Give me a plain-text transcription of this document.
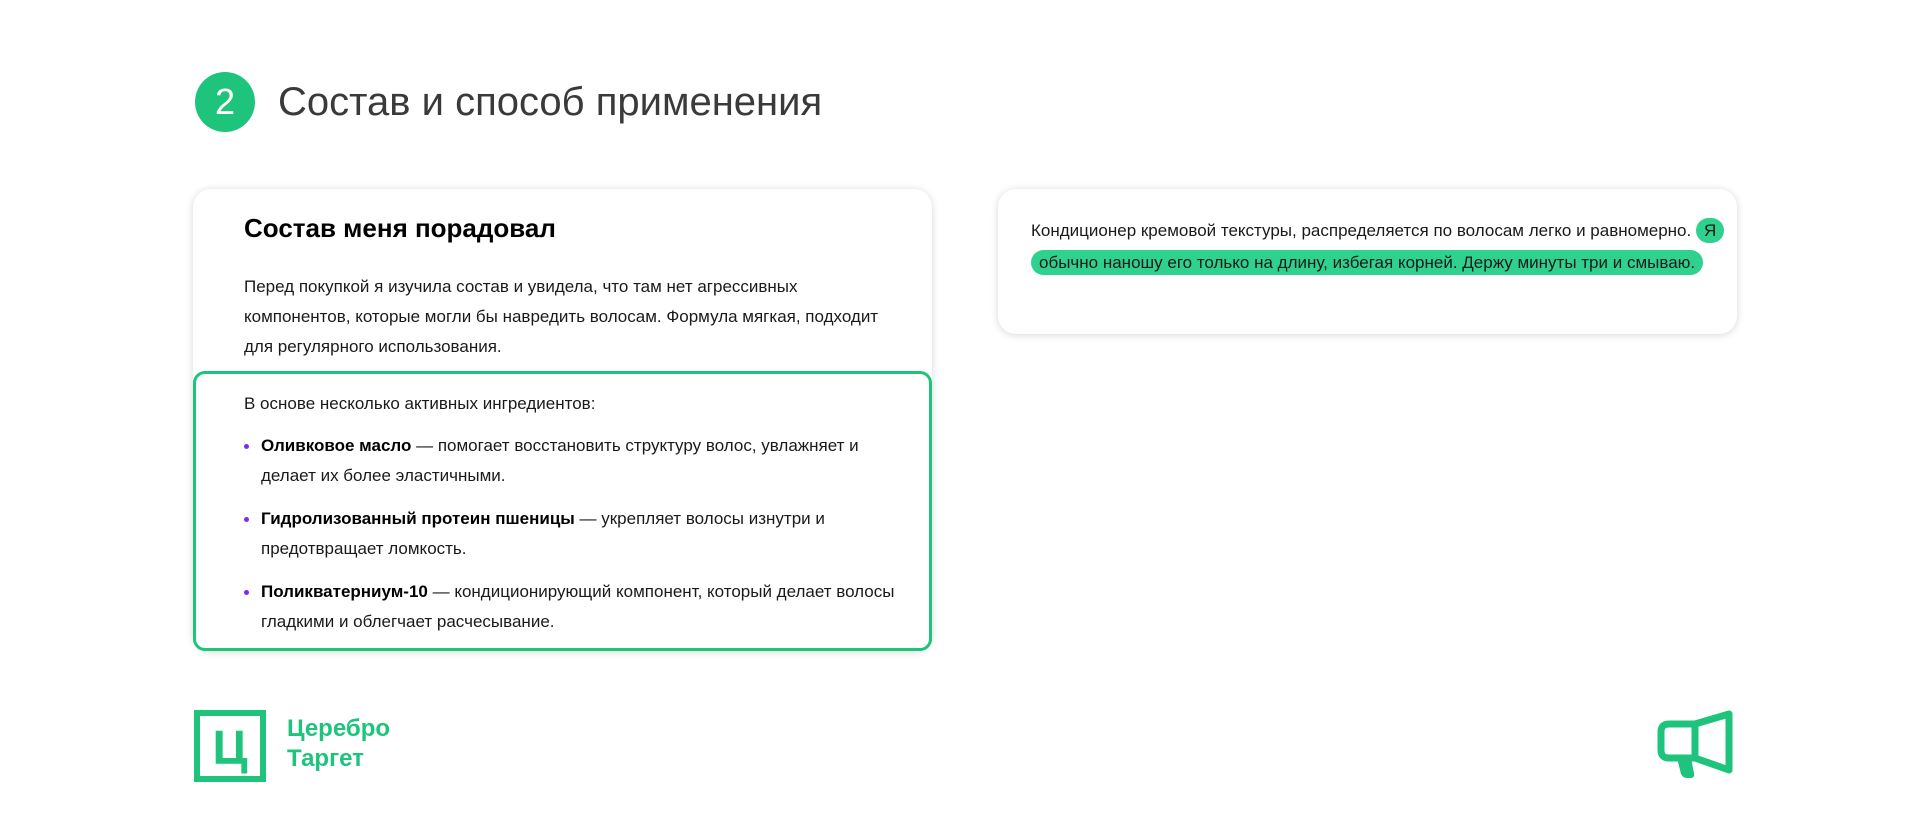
2	Состав и способ применения
Состав меня порадовал
Перед покупкой я изучила состав и увидела, что там нет агрессивных компонентов, которые могли бы навредить волосам. Формула мягкая, подходит для регулярного использования.
В основе несколько активных ингредиентов:
Оливковое масло — помогает восстановить структуру волос, увлажняет и делает их более эластичными.
Гидролизованный протеин пшеницы — укрепляет волосы изнутри и предотвращает ломкость.
Поликватерниум-10 — кондиционирующий компонент, который делает волосы гладкими и облегчает расчесывание.
Кондиционер кремовой текстуры, распределяется по волосам легко и равномерно. Я обычно наношу его только на длину, избегая корней. Держу минуты три и смываю.
Ц Церебро
Таргет
